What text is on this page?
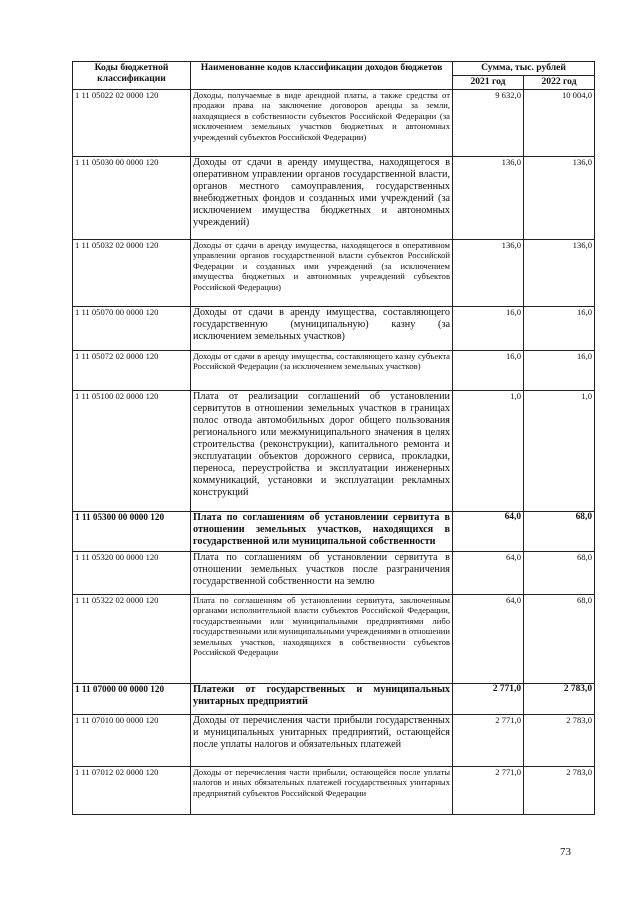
Коды бюджетной классификации	Наименование кодов классификации доходов бюджетов	Сумма, тыс. рублей	
		2021 год	2022 год
1 11 05022 02 0000 120	Доходы, получаемые в виде арендной платы, а также средства от продажи права на заключение договоров аренды за земли, находящиеся в собственности субъектов Российской Федерации (за исключением земельных участков бюджетных и автономных учреждений субъектов Российской Федерации)	9 632,0	10 004,0
1 11 05030 00 0000 120	Доходы от сдачи в аренду имущества, находящегося в оперативном управлении органов государственной власти, органов местного самоуправления, государственных внебюджетных фондов и созданных ими учреждений (за исключением имущества бюджетных и автономных учреждений)	136,0	136,0
1 11 05032 02 0000 120	Доходы от сдачи в аренду имущества, находящегося в оперативном управлении органов государственной власти субъектов Российской Федерации и созданных ими учреждений (за исключением имущества бюджетных и автономных учреждений субъектов Российской Федерации)	136,0	136,0
1 11 05070 00 0000 120	Доходы от сдачи в аренду имущества, составляющего государственную (муниципальную) казну (за исключением земельных участков)	16,0	16,0
1 11 05072 02 0000 120	Доходы от сдачи в аренду имущества, составляющего казну субъекта Российской Федерации (за исключением земельных участков)	16,0	16,0
1 11 05100 02 0000 120	Плата от реализации соглашений об установлении сервитутов в отношении земельных участков в границах полос отвода автомобильных дорог общего пользования регионального или межмуниципального значения в целях строительства (реконструкции), капитального ремонта и эксплуатации объектов дорожного сервиса, прокладки, переноса, переустройства и эксплуатации инженерных коммуникаций, установки и эксплуатации рекламных конструкций	1,0	1,0
1 11 05300 00 0000 120	Плата по соглашениям об установлении сервитута в отношении земельных участков, находящихся в государственной или муниципальной собственности	64,0	68,0
1 11 05320 00 0000 120	Плата по соглашениям об установлении сервитута в отношении земельных участков после разграничения государственной собственности на землю	64,0	68,0
1 11 05322 02 0000 120	Плата по соглашениям об установлении сервитута, заключенным органами исполнительной власти субъектов Российской Федерации, государственными или муниципальными предприятиями либо государственными или муниципальными учреждениями в отношении земельных участков, находящихся в собственности субъектов Российской Федерации	64,0	68,0
1 11 07000 00 0000 120	Платежи от государственных и муниципальных унитарных предприятий	2 771,0	2 783,0
1 11 07010 00 0000 120	Доходы от перечисления части прибыли государственных и муниципальных унитарных предприятий, остающейся после уплаты налогов и обязательных платежей	2 771,0	2 783,0
1 11 07012 02 0000 120	Доходы от перечисления части прибыли, остающейся после уплаты налогов и иных обязательных платежей государственных унитарных предприятий субъектов Российской Федерации	2 771,0	2 783,0
73
